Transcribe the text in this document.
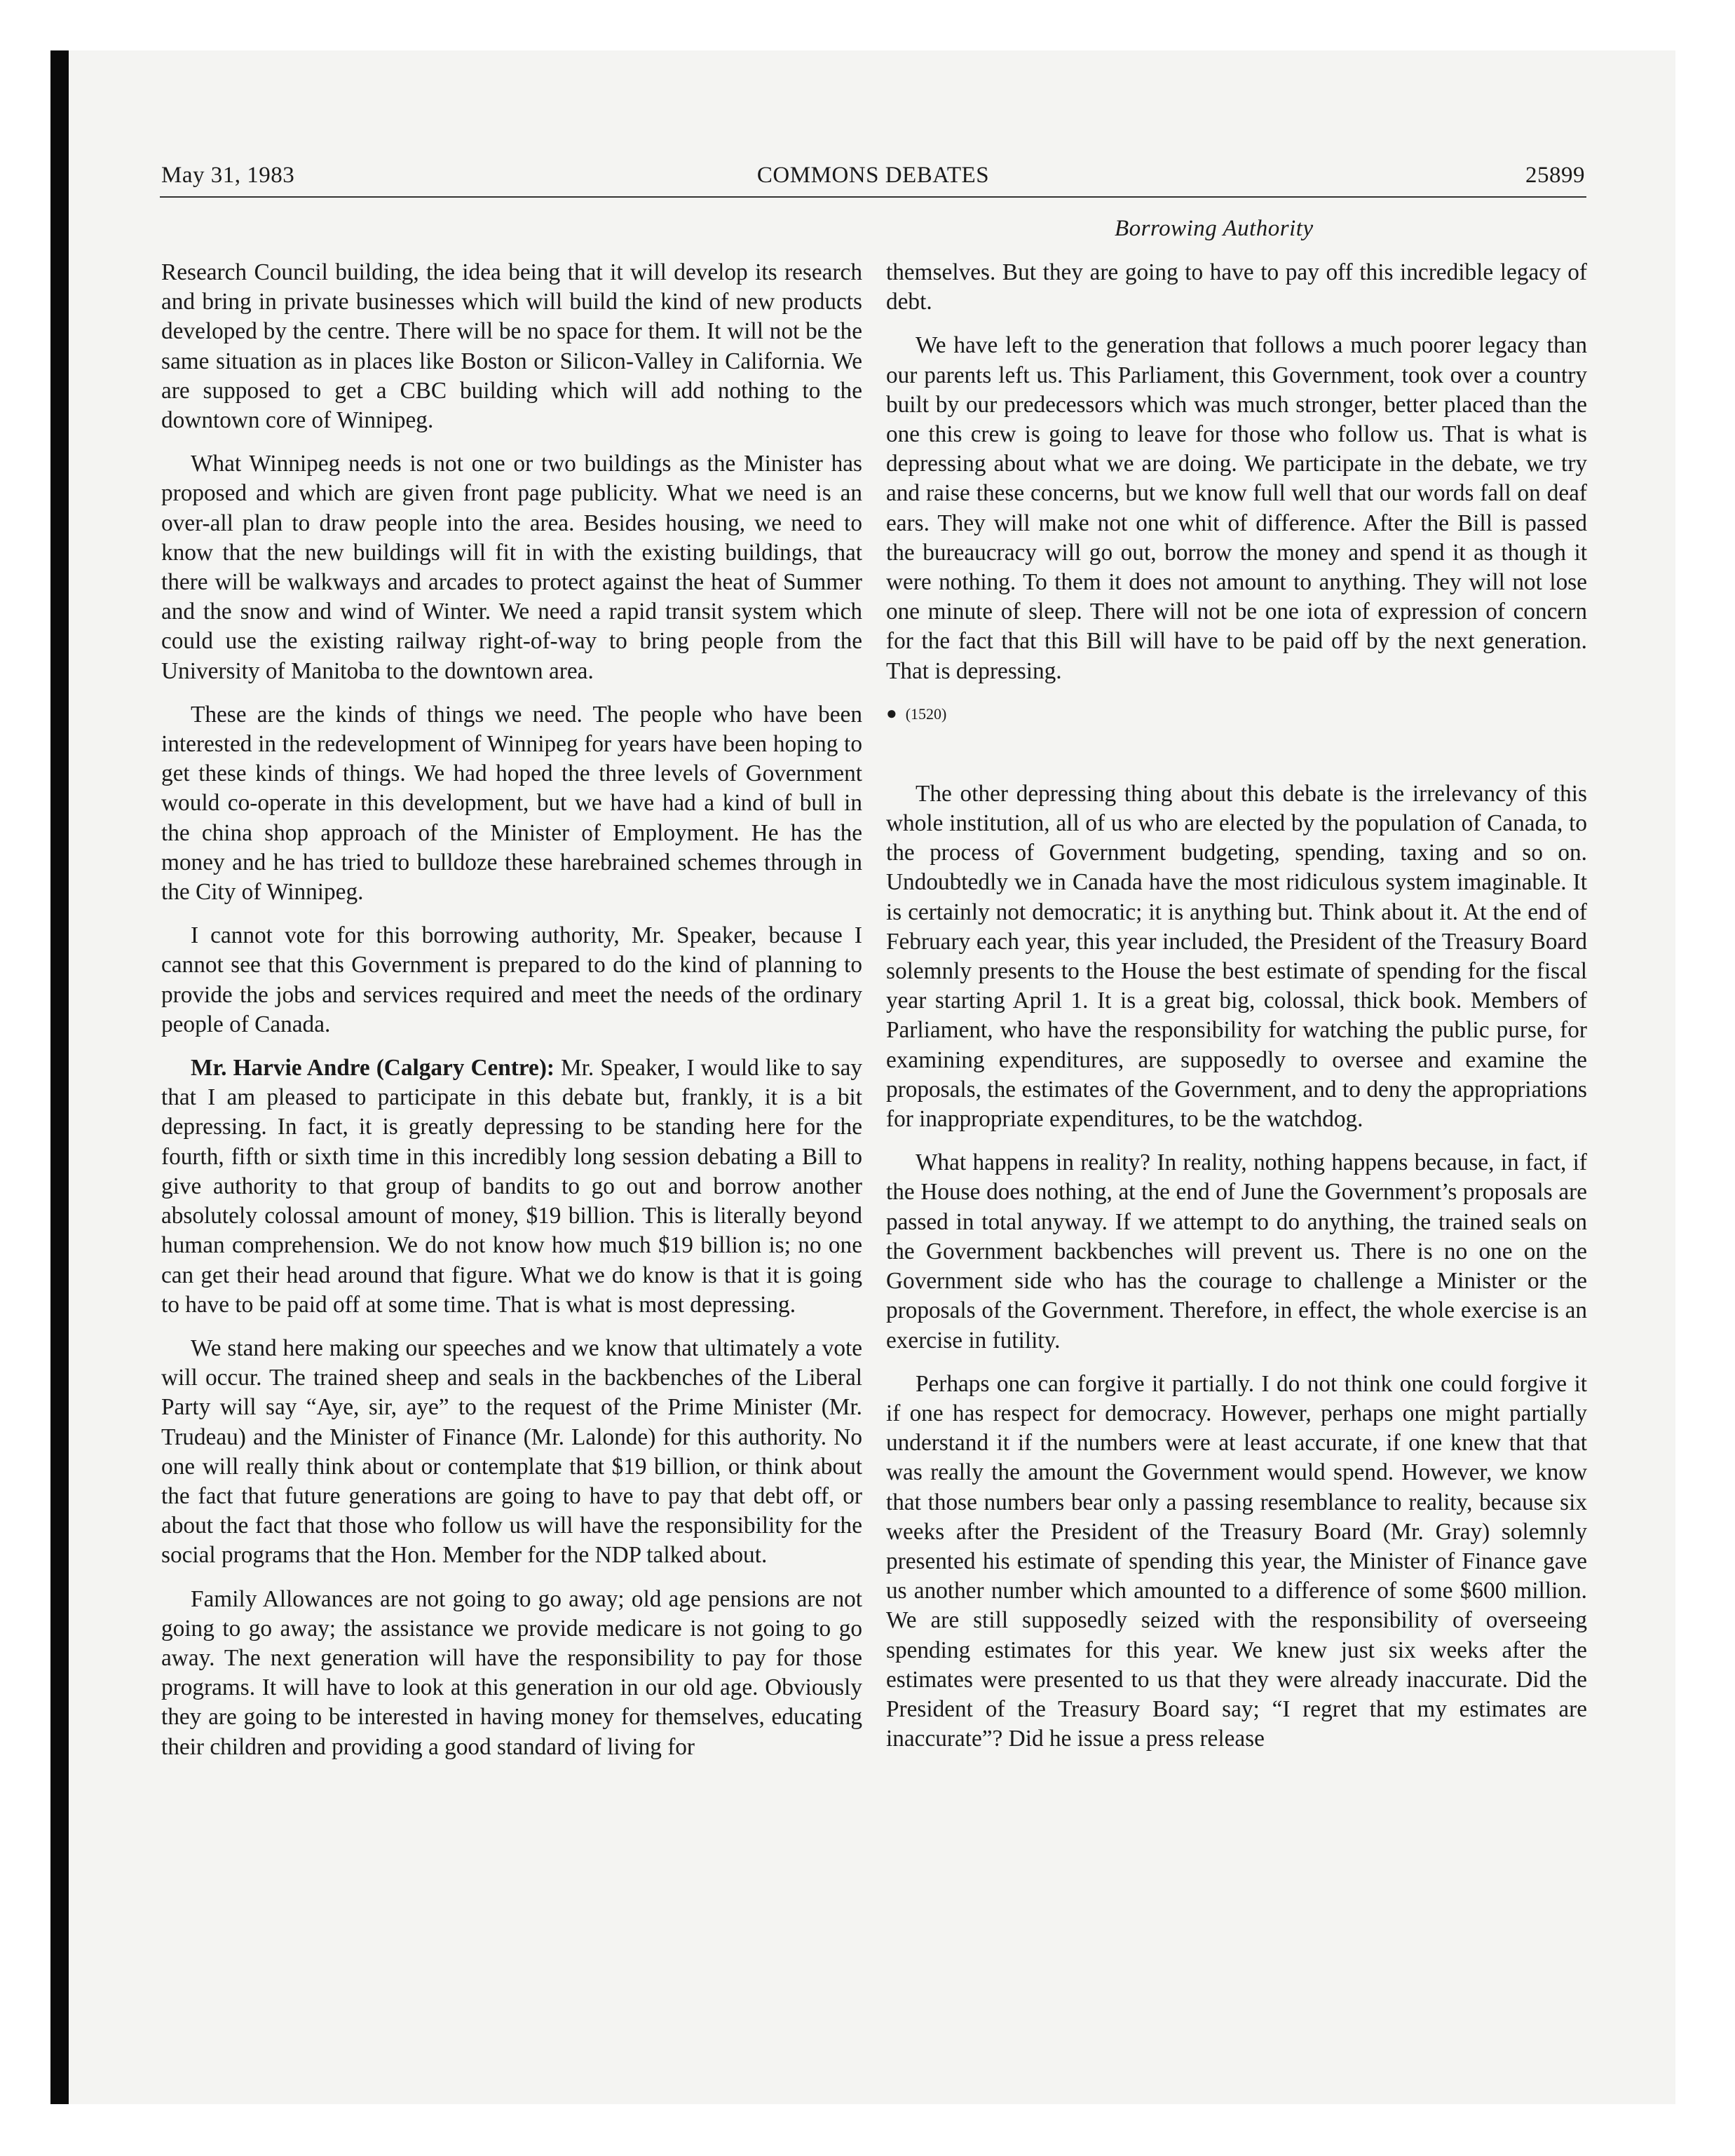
May 31, 1983	COMMONS DEBATES	25899
Borrowing Authority

Research Council building, the idea being that it will develop its research and bring in private businesses which will build the kind of new products developed by the centre. There will be no space for them. It will not be the same situation as in places like Boston or Silicon-Valley in California. We are supposed to get a CBC building which will add nothing to the downtown core of Winnipeg.

What Winnipeg needs is not one or two buildings as the Minister has proposed and which are given front page publicity. What we need is an over-all plan to draw people into the area. Besides housing, we need to know that the new buildings will fit in with the existing buildings, that there will be walkways and arcades to protect against the heat of Summer and the snow and wind of Winter. We need a rapid transit system which could use the existing railway right-of-way to bring people from the University of Manitoba to the downtown area.

These are the kinds of things we need. The people who have been interested in the redevelopment of Winnipeg for years have been hoping to get these kinds of things. We had hoped the three levels of Government would co-operate in this development, but we have had a kind of bull in the china shop approach of the Minister of Employment. He has the money and he has tried to bulldoze these harebrained schemes through in the City of Winnipeg.

I cannot vote for this borrowing authority, Mr. Speaker, because I cannot see that this Government is prepared to do the kind of planning to provide the jobs and services required and meet the needs of the ordinary people of Canada.

Mr. Harvie Andre (Calgary Centre): Mr. Speaker, I would like to say that I am pleased to participate in this debate but, frankly, it is a bit depressing. In fact, it is greatly depressing to be standing here for the fourth, fifth or sixth time in this incredibly long session debating a Bill to give authority to that group of bandits to go out and borrow another absolutely colossal amount of money, $19 billion. This is literally beyond human comprehension. We do not know how much $19 billion is; no one can get their head around that figure. What we do know is that it is going to have to be paid off at some time. That is what is most depressing.

We stand here making our speeches and we know that ultimately a vote will occur. The trained sheep and seals in the backbenches of the Liberal Party will say “Aye, sir, aye” to the request of the Prime Minister (Mr. Trudeau) and the Minister of Finance (Mr. Lalonde) for this authority. No one will really think about or contemplate that $19 billion, or think about the fact that future generations are going to have to pay that debt off, or about the fact that those who follow us will have the responsibility for the social programs that the Hon. Member for the NDP talked about.

Family Allowances are not going to go away; old age pensions are not going to go away; the assistance we provide medicare is not going to go away. The next generation will have the responsibility to pay for those programs. It will have to look at this generation in our old age. Obviously they are going to be interested in having money for themselves, educating their children and providing a good standard of living for

themselves. But they are going to have to pay off this incredible legacy of debt.

We have left to the generation that follows a much poorer legacy than our parents left us. This Parliament, this Government, took over a country built by our predecessors which was much stronger, better placed than the one this crew is going to leave for those who follow us. That is what is depressing about what we are doing. We participate in the debate, we try and raise these concerns, but we know full well that our words fall on deaf ears. They will make not one whit of difference. After the Bill is passed the bureaucracy will go out, borrow the money and spend it as though it were nothing. To them it does not amount to anything. They will not lose one minute of sleep. There will not be one iota of expression of concern for the fact that this Bill will have to be paid off by the next generation. That is depressing.

● (1520)

The other depressing thing about this debate is the irrelevancy of this whole institution, all of us who are elected by the population of Canada, to the process of Government budgeting, spending, taxing and so on. Undoubtedly we in Canada have the most ridiculous system imaginable. It is certainly not democratic; it is anything but. Think about it. At the end of February each year, this year included, the President of the Treasury Board solemnly presents to the House the best estimate of spending for the fiscal year starting April 1. It is a great big, colossal, thick book. Members of Parliament, who have the responsibility for watching the public purse, for examining expenditures, are supposedly to oversee and examine the proposals, the estimates of the Government, and to deny the appropriations for inappropriate expenditures, to be the watchdog.

What happens in reality? In reality, nothing happens because, in fact, if the House does nothing, at the end of June the Government’s proposals are passed in total anyway. If we attempt to do anything, the trained seals on the Government backbenches will prevent us. There is no one on the Government side who has the courage to challenge a Minister or the proposals of the Government. Therefore, in effect, the whole exercise is an exercise in futility.

Perhaps one can forgive it partially. I do not think one could forgive it if one has respect for democracy. However, perhaps one might partially understand it if the numbers were at least accurate, if one knew that that was really the amount the Government would spend. However, we know that those numbers bear only a passing resemblance to reality, because six weeks after the President of the Treasury Board (Mr. Gray) solemnly presented his estimate of spending this year, the Minister of Finance gave us another number which amounted to a difference of some $600 million. We are still supposedly seized with the responsibility of overseeing spending estimates for this year. We knew just six weeks after the estimates were presented to us that they were already inaccurate. Did the President of the Treasury Board say; “I regret that my estimates are inaccurate”? Did he issue a press release
